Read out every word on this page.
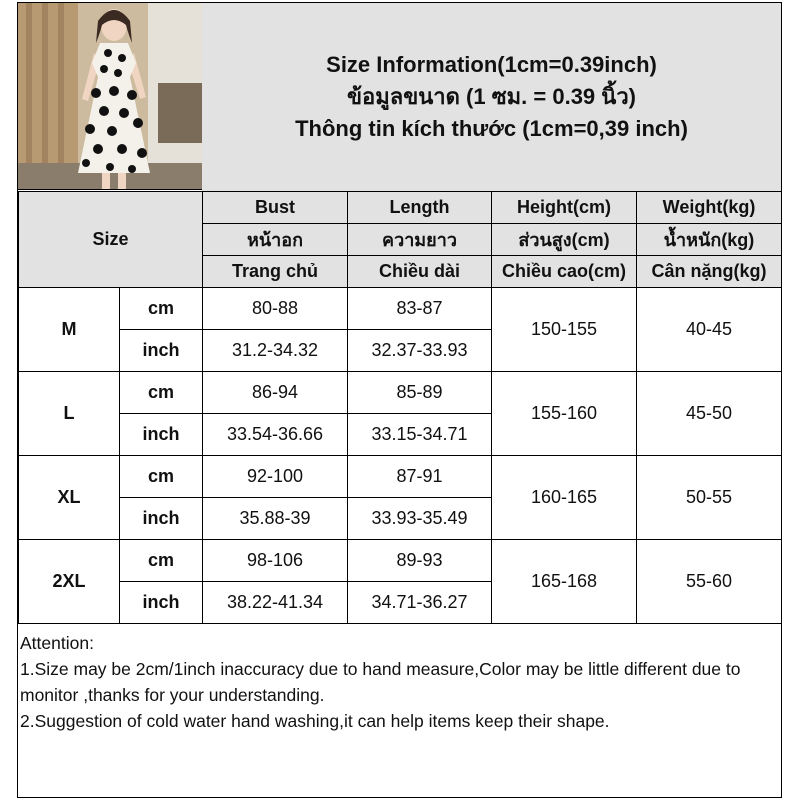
Size Information(1cm=0.39inch)
ข้อมูลขนาด (1 ซม. = 0.39 นิ้ว)
Thông tin kích thước (1cm=0,39 inch)
Size		Bust	Length	Height(cm)	Weight(kg)
		หน้าอก	ความยาว	ส่วนสูง(cm)	น้ำหนัก(kg)
		Trang chủ	Chiều dài	Chiều cao(cm)	Cân nặng(kg)
M	cm	80-88	83-87	150-155	40-45
	inch	31.2-34.32	32.37-33.93		
L	cm	86-94	85-89	155-160	45-50
	inch	33.54-36.66	33.15-34.71		
XL	cm	92-100	87-91	160-165	50-55
	inch	35.88-39	33.93-35.49		
2XL	cm	98-106	89-93	165-168	55-60
	inch	38.22-41.34	34.71-36.27		
Attention:
1.Size may be 2cm/1inch inaccuracy due to hand measure,Color may be little different due to monitor ,thanks for your understanding.
2.Suggestion of cold water hand washing,it can help items keep their shape.
